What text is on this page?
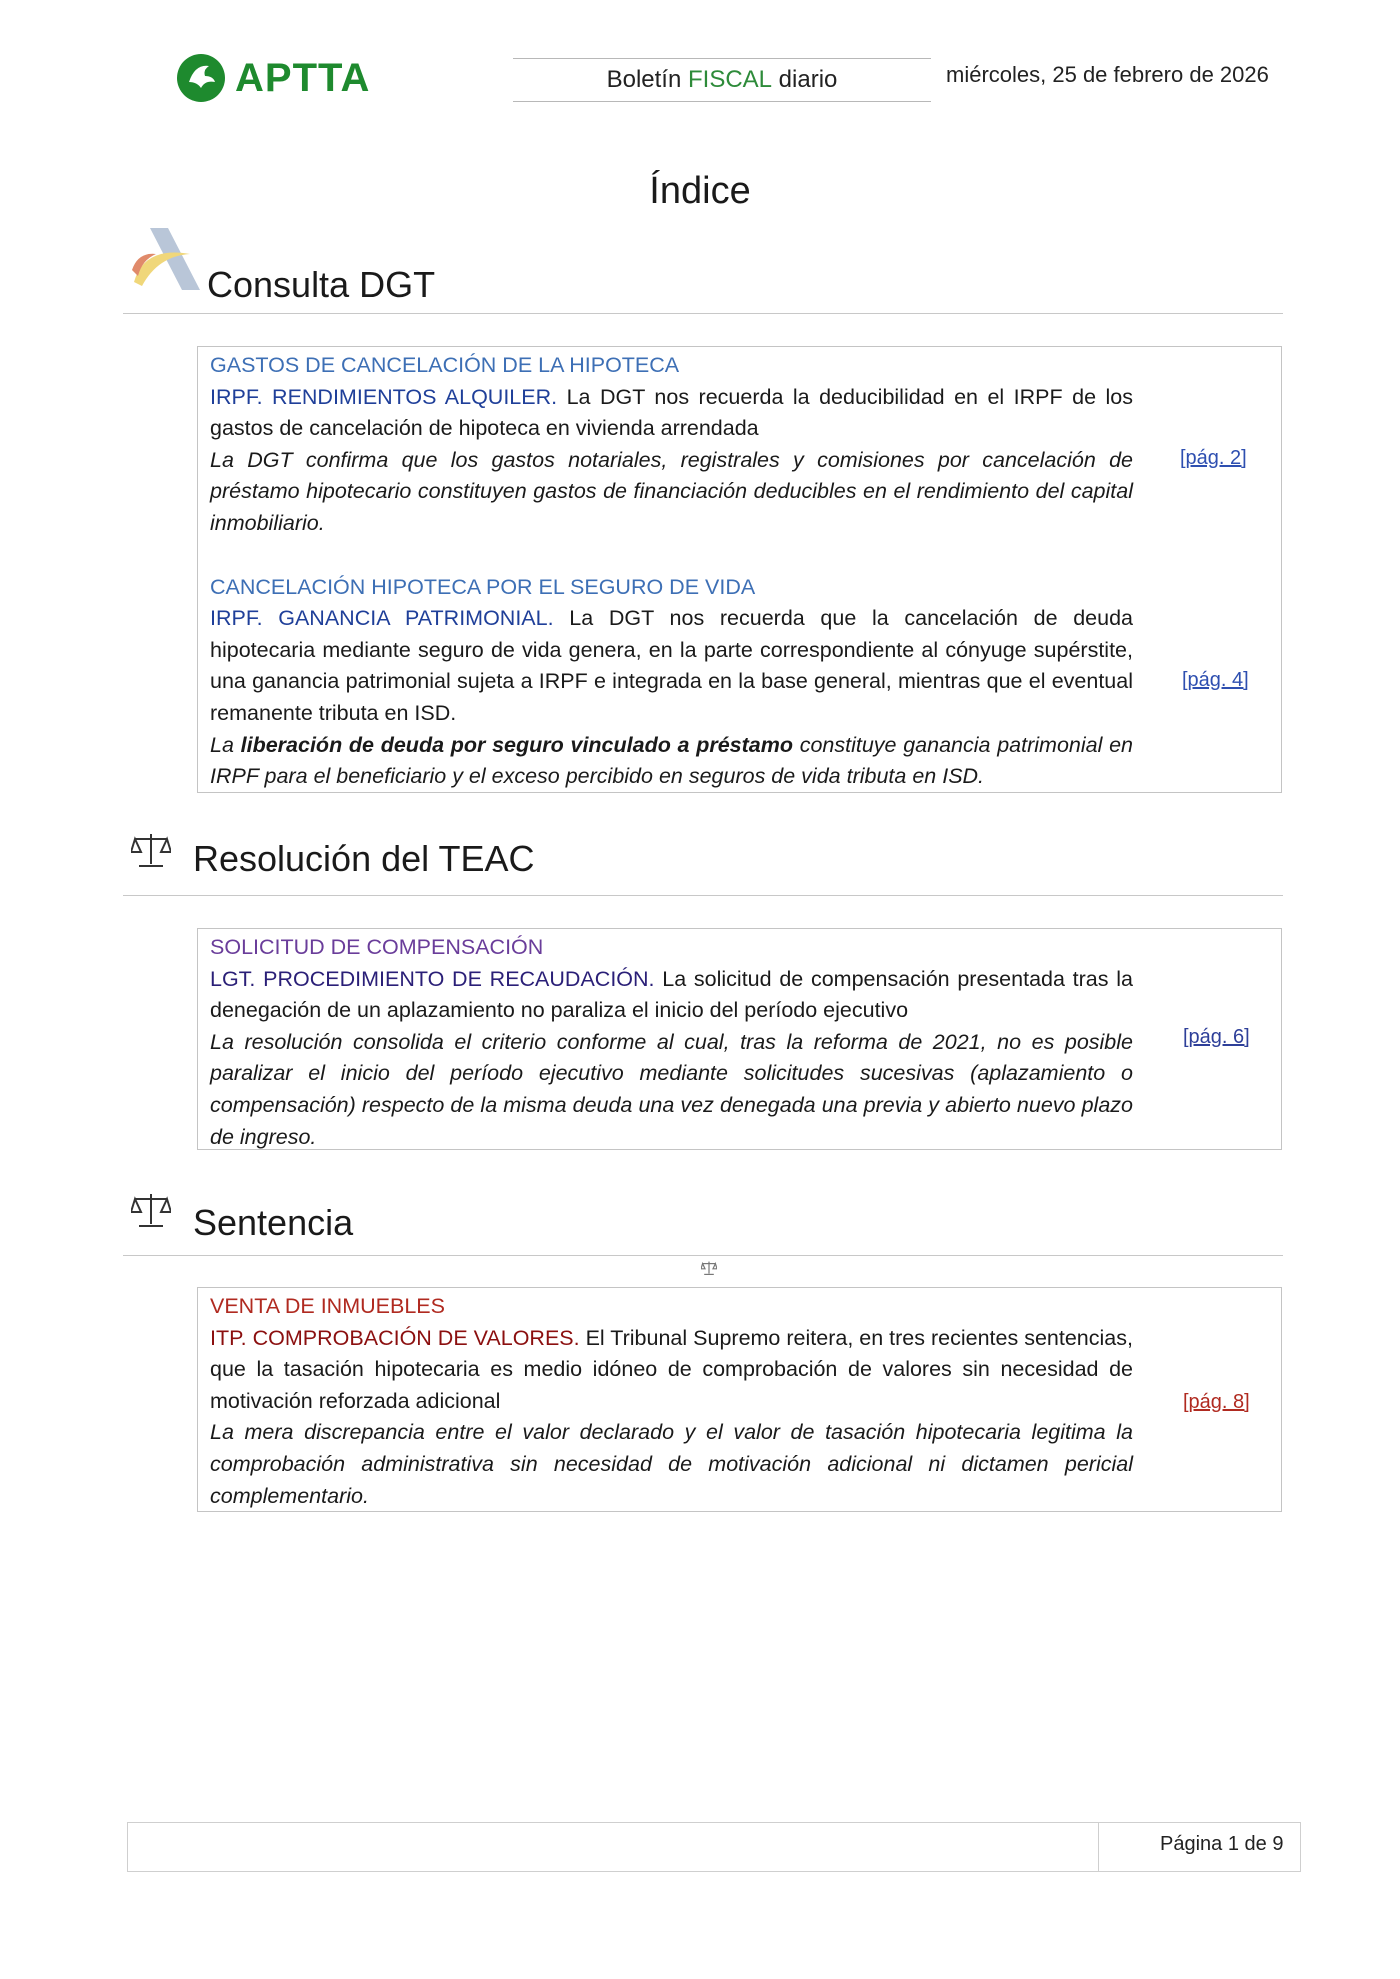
APTTA	Boletín FISCAL diario	miércoles, 25 de febrero de 2026
Índice
Consulta DGT

GASTOS DE CANCELACIÓN DE LA HIPOTECA

IRPF. RENDIMIENTOS ALQUILER. La DGT nos recuerda la deducibilidad en el IRPF de los gastos de cancelación de hipoteca en vivienda arrendada

La DGT confirma que los gastos notariales, registrales y comisiones por cancelación de préstamo hipotecario constituyen gastos de financiación deducibles en el rendimiento del capital inmobiliario.

CANCELACIÓN HIPOTECA POR EL SEGURO DE VIDA

IRPF. GANANCIA PATRIMONIAL. La DGT nos recuerda que la cancelación de deuda hipotecaria mediante seguro de vida genera, en la parte correspondiente al cónyuge supérstite, una ganancia patrimonial sujeta a IRPF e integrada en la base general, mientras que el eventual remanente tributa en ISD.

La liberación de deuda por seguro vinculado a préstamo constituye ganancia patrimonial en IRPF para el beneficiario y el exceso percibido en seguros de vida tributa en ISD.

[pág. 2]
[pág. 4]
Resolución del TEAC

SOLICITUD DE COMPENSACIÓN

LGT. PROCEDIMIENTO DE RECAUDACIÓN. La solicitud de compensación presentada tras la denegación de un aplazamiento no paraliza el inicio del período ejecutivo

La resolución consolida el criterio conforme al cual, tras la reforma de 2021, no es posible paralizar el inicio del período ejecutivo mediante solicitudes sucesivas (aplazamiento o compensación) respecto de la misma deuda una vez denegada una previa y abierto nuevo plazo de ingreso.

[pág. 6]
Sentencia

VENTA DE INMUEBLES

ITP. COMPROBACIÓN DE VALORES. El Tribunal Supremo reitera, en tres recientes sentencias, que la tasación hipotecaria es medio idóneo de comprobación de valores sin necesidad de motivación reforzada adicional

La mera discrepancia entre el valor declarado y el valor de tasación hipotecaria legitima la comprobación administrativa sin necesidad de motivación adicional ni dictamen pericial complementario.

[pág. 8]
Página 1 de 9
